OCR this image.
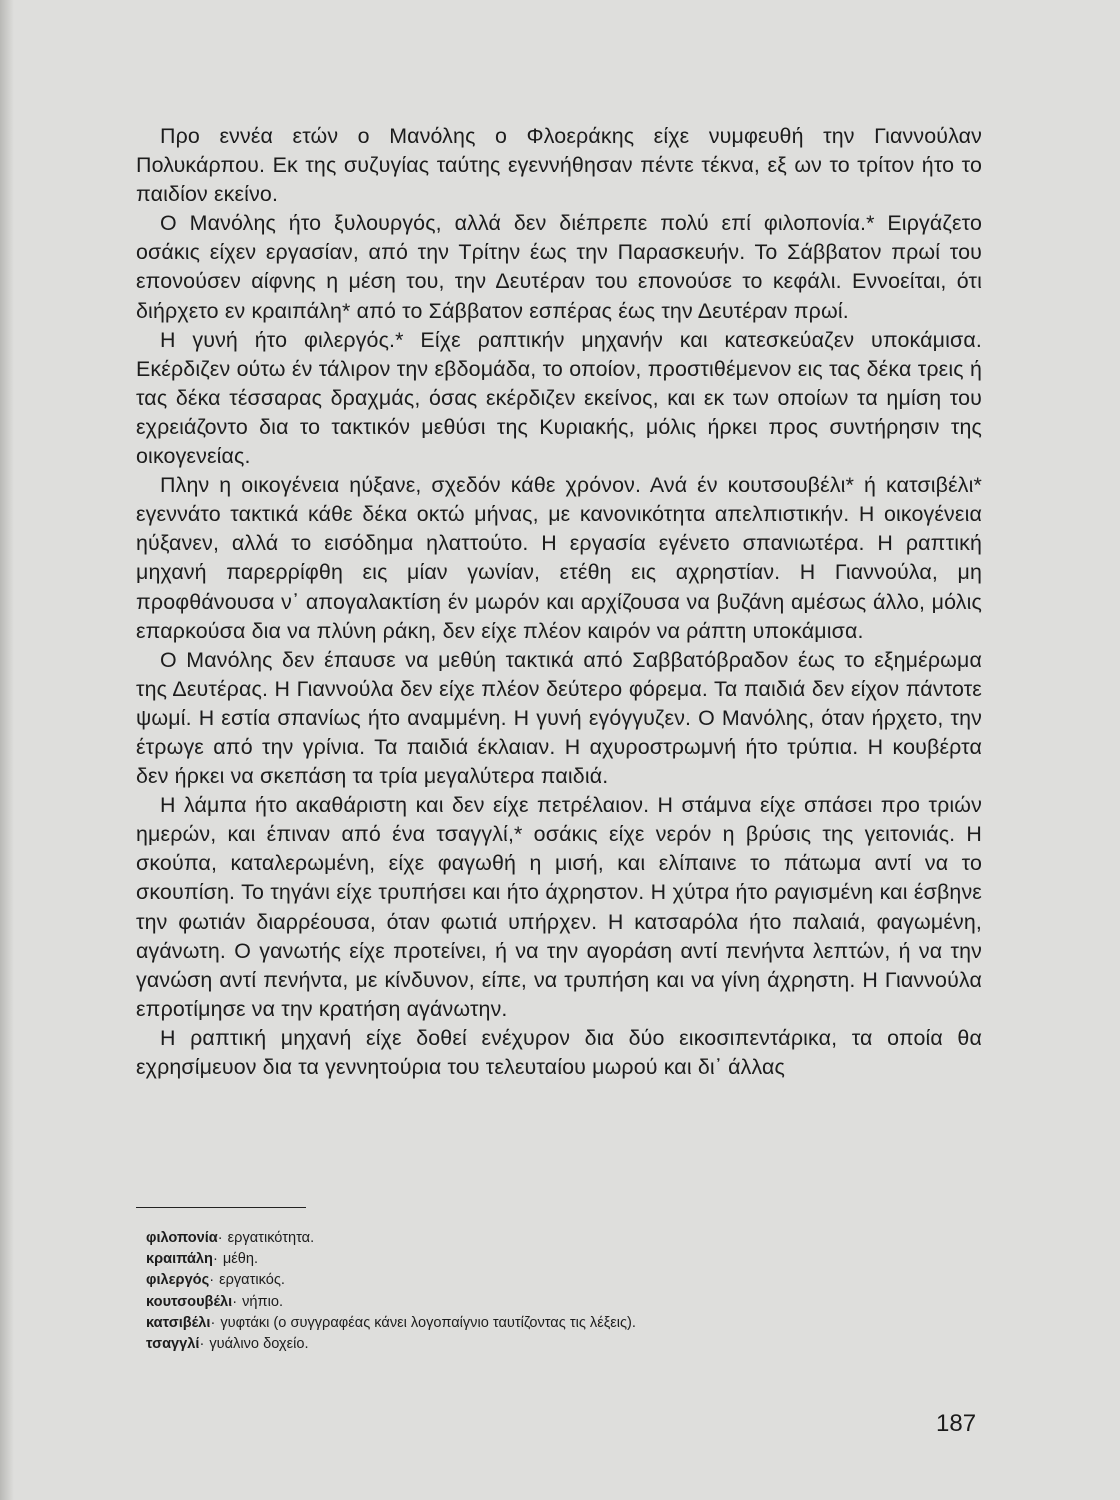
Προ εννέα ετών ο Μανόλης ο Φλοεράκης είχε νυμφευθή την Γιαννούλαν Πολυκάρπου. Εκ της συζυγίας ταύτης εγεννήθησαν πέντε τέκνα, εξ ων το τρίτον ήτο το παιδίον εκείνο.

Ο Μανόλης ήτο ξυλουργός, αλλά δεν διέπρεπε πολύ επί φιλοπονία.* Ειργάζετο οσάκις είχεν εργασίαν, από την Τρίτην έως την Παρασκευήν. Το Σάββατον πρωί του επονούσεν αίφνης η μέση του, την Δευτέραν του επονούσε το κεφάλι. Εννοείται, ότι διήρχετο εν κραιπάλη* από το Σάββατον εσπέρας έως την Δευτέραν πρωί.

Η γυνή ήτο φιλεργός.* Είχε ραπτικήν μηχανήν και κατεσκεύαζεν υποκάμισα. Εκέρδιζεν ούτω έν τάλιρον την εβδομάδα, το οποίον, προστιθέμενον εις τας δέκα τρεις ή τας δέκα τέσσαρας δραχμάς, όσας εκέρδιζεν εκείνος, και εκ των οποίων τα ημίση του εχρειάζοντο δια το τακτικόν μεθύσι της Κυριακής, μόλις ήρκει προς συντήρησιν της οικογενείας.

Πλην η οικογένεια ηύξανε, σχεδόν κάθε χρόνον. Ανά έν κουτσουβέλι* ή κατσιβέλι* εγεννάτο τακτικά κάθε δέκα οκτώ μήνας, με κανονικότητα απελπιστικήν. Η οικογένεια ηύξανεν, αλλά το εισόδημα ηλαττούτο. Η εργασία εγένετο σπανιωτέρα. Η ραπτική μηχανή παρερρίφθη εις μίαν γωνίαν, ετέθη εις αχρηστίαν. Η Γιαννούλα, μη προφθάνουσα ν᾽ απογαλακτίση έν μωρόν και αρχίζουσα να βυζάνη αμέσως άλλο, μόλις επαρκούσα δια να πλύνη ράκη, δεν είχε πλέον καιρόν να ράπτη υποκάμισα.

Ο Μανόλης δεν έπαυσε να μεθύη τακτικά από Σαββατόβραδον έως το εξημέρωμα της Δευτέρας. Η Γιαννούλα δεν είχε πλέον δεύτερο φόρεμα. Τα παιδιά δεν είχον πάντοτε ψωμί. Η εστία σπανίως ήτο αναμμένη. Η γυνή εγόγγυζεν. Ο Μανόλης, όταν ήρχετο, την έτρωγε από την γρίνια. Τα παιδιά έκλαιαν. Η αχυροστρωμνή ήτο τρύπια. Η κουβέρτα δεν ήρκει να σκεπάση τα τρία μεγαλύτερα παιδιά.

Η λάμπα ήτο ακαθάριστη και δεν είχε πετρέλαιον. Η στάμνα είχε σπάσει προ τριών ημερών, και έπιναν από ένα τσαγγλί,* οσάκις είχε νερόν η βρύσις της γειτονιάς. Η σκούπα, καταλερωμένη, είχε φαγωθή η μισή, και ελίπαινε το πάτωμα αντί να το σκουπίση. Το τηγάνι είχε τρυπήσει και ήτο άχρηστον. Η χύτρα ήτο ραγισμένη και έσβηνε την φωτιάν διαρρέουσα, όταν φωτιά υπήρχεν. Η κατσαρόλα ήτο παλαιά, φαγωμένη, αγάνωτη. Ο γανωτής είχε προτείνει, ή να την αγοράση αντί πενήντα λεπτών, ή να την γανώση αντί πενήντα, με κίνδυνον, είπε, να τρυπήση και να γίνη άχρηστη. Η Γιαννούλα επροτίμησε να την κρατήση αγάνωτην.

Η ραπτική μηχανή είχε δοθεί ενέχυρον δια δύο εικοσιπεντάρικα, τα οποία θα εχρησίμευον δια τα γεννητούρια του τελευταίου μωρού και δι᾽ άλλας

φιλοπονία· εργατικότητα.
κραιπάλη· μέθη.
φιλεργός· εργατικός.
κουτσουβέλι· νήπιο.
κατσιβέλι· γυφτάκι (ο συγγραφέας κάνει λογοπαίγνιο ταυτίζοντας τις λέξεις).
τσαγγλί· γυάλινο δοχείο.
187
